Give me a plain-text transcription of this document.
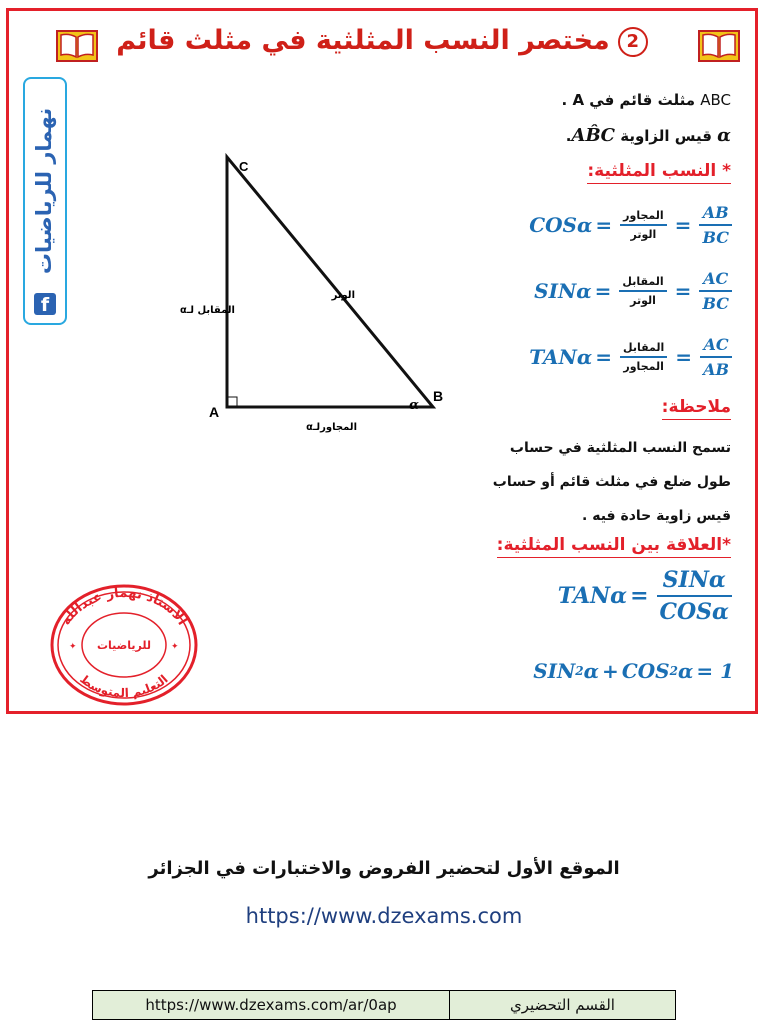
2مختصر النسب المثلثية في مثلث قائم
نهمار للرياضيات
f
ABC مثلث قائم في A .
α قيس الزاوية AB̂C.
C
A
B
α
الوتر
المقابل لـα
المجاورلـα
* النسب المثلثية:
$COS\alpha = \frac{\text{المجاور}}{\text{الوتر}} = \frac{AB}{BC}$
$SIN\alpha = \frac{\text{المقابل}}{\text{الوتر}} = \frac{AC}{BC}$
$TAN\alpha = \frac{\text{المقابل}}{\text{المجاور}} = \frac{AC}{AB}$
ملاحظة:
تسمح النسب المثلثية في حساب
طول ضلع في مثلث قائم أو حساب
قيس زاوية حادة فيه .
*العلاقة بين النسب المثلثية:
$TAN\alpha = \frac{\text{SINα}}{\text{COSα}}$
SIN 2 α + COS 2 α = 1
الأستاذ نهمار عبدالله
التعليم المتوسط
للرياضيات
✦	✦
الموقع الأول لتحضير الفروض والاختبارات في الجزائر
https://www.dzexams.com
https://www.dzexams.com/ar/0ap	القسم التحضيري
